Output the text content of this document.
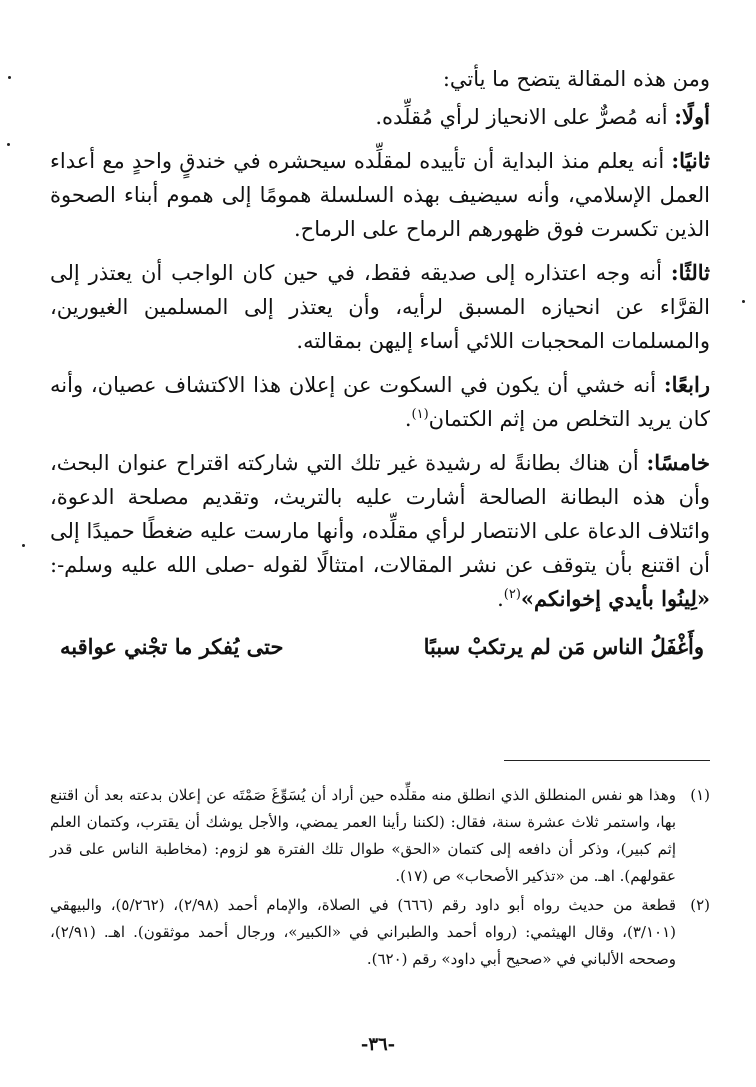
ومن هذه المقالة يتضح ما يأتي:

أولًا: أنه مُصرٌّ على الانحياز لرأي مُقلِّده.

ثانيًا: أنه يعلم منذ البداية أن تأييده لمقلِّده سيحشره في خندقٍ واحدٍ مع أعداء العمل الإسلامي، وأنه سيضيف بهذه السلسلة همومًا إلى هموم أبناء الصحوة الذين تكسرت فوق ظهورهم الرماح على الرماح.

ثالثًا: أنه وجه اعتذاره إلى صديقه فقط، في حين كان الواجب أن يعتذر إلى القرَّاء عن انحيازه المسبق لرأيه، وأن يعتذر إلى المسلمين الغيورين، والمسلمات المحجبات اللائي أساء إليهن بمقالته.

رابعًا: أنه خشي أن يكون في السكوت عن إعلان هذا الاكتشاف عصيان، وأنه كان يريد التخلص من إثم الكتمان$^{(١)}$.

خامسًا: أن هناك بطانةً له رشيدة غير تلك التي شاركته اقتراح عنوان البحث، وأن هذه البطانة الصالحة أشارت عليه بالتريث، وتقديم مصلحة الدعوة، وائتلاف الدعاة على الانتصار لرأي مقلِّده، وأنها مارست عليه ضغطًا حميدًا إلى أن اقتنع بأن يتوقف عن نشر المقالات، امتثالًا لقوله -صلى الله عليه وسلم-: «لِينُوا بأيدي إخوانكم»$^{(٢)}$.

وأَغْفَلُ الناس مَن لم يرتكبْ سببًا
حتى يُفكر ما تجْني عواقبه
(١)
وهذا هو نفس المنطلق الذي انطلق منه مقلِّده حين أراد أن يُسَوِّغَ صَمْتَه عن إعلان بدعته بعد أن اقتنع بها، واستمر ثلاث عشرة سنة، فقال: (لكننا رأينا العمر يمضي، والأجل يوشك أن يقترب، وكتمان العلم إثم كبير)، وذكر أن دافعه إلى كتمان «الحق» طوال تلك الفترة هو لزوم: (مخاطبة الناس على قدر عقولهم). اهـ. من «تذكير الأصحاب» ص (١٧).
(٢)
قطعة من حديث رواه أبو داود رقم (٦٦٦) في الصلاة، والإمام أحمد (٢/٩٨)، (٥/٢٦٢)، والبيهقي (٣/١٠١)، وقال الهيثمي: (رواه أحمد والطبراني في «الكبير»، ورجال أحمد موثقون). اهـ. (٢/٩١)، وصححه الألباني في «صحيح أبي داود» رقم (٦٢٠).
-٣٦-
